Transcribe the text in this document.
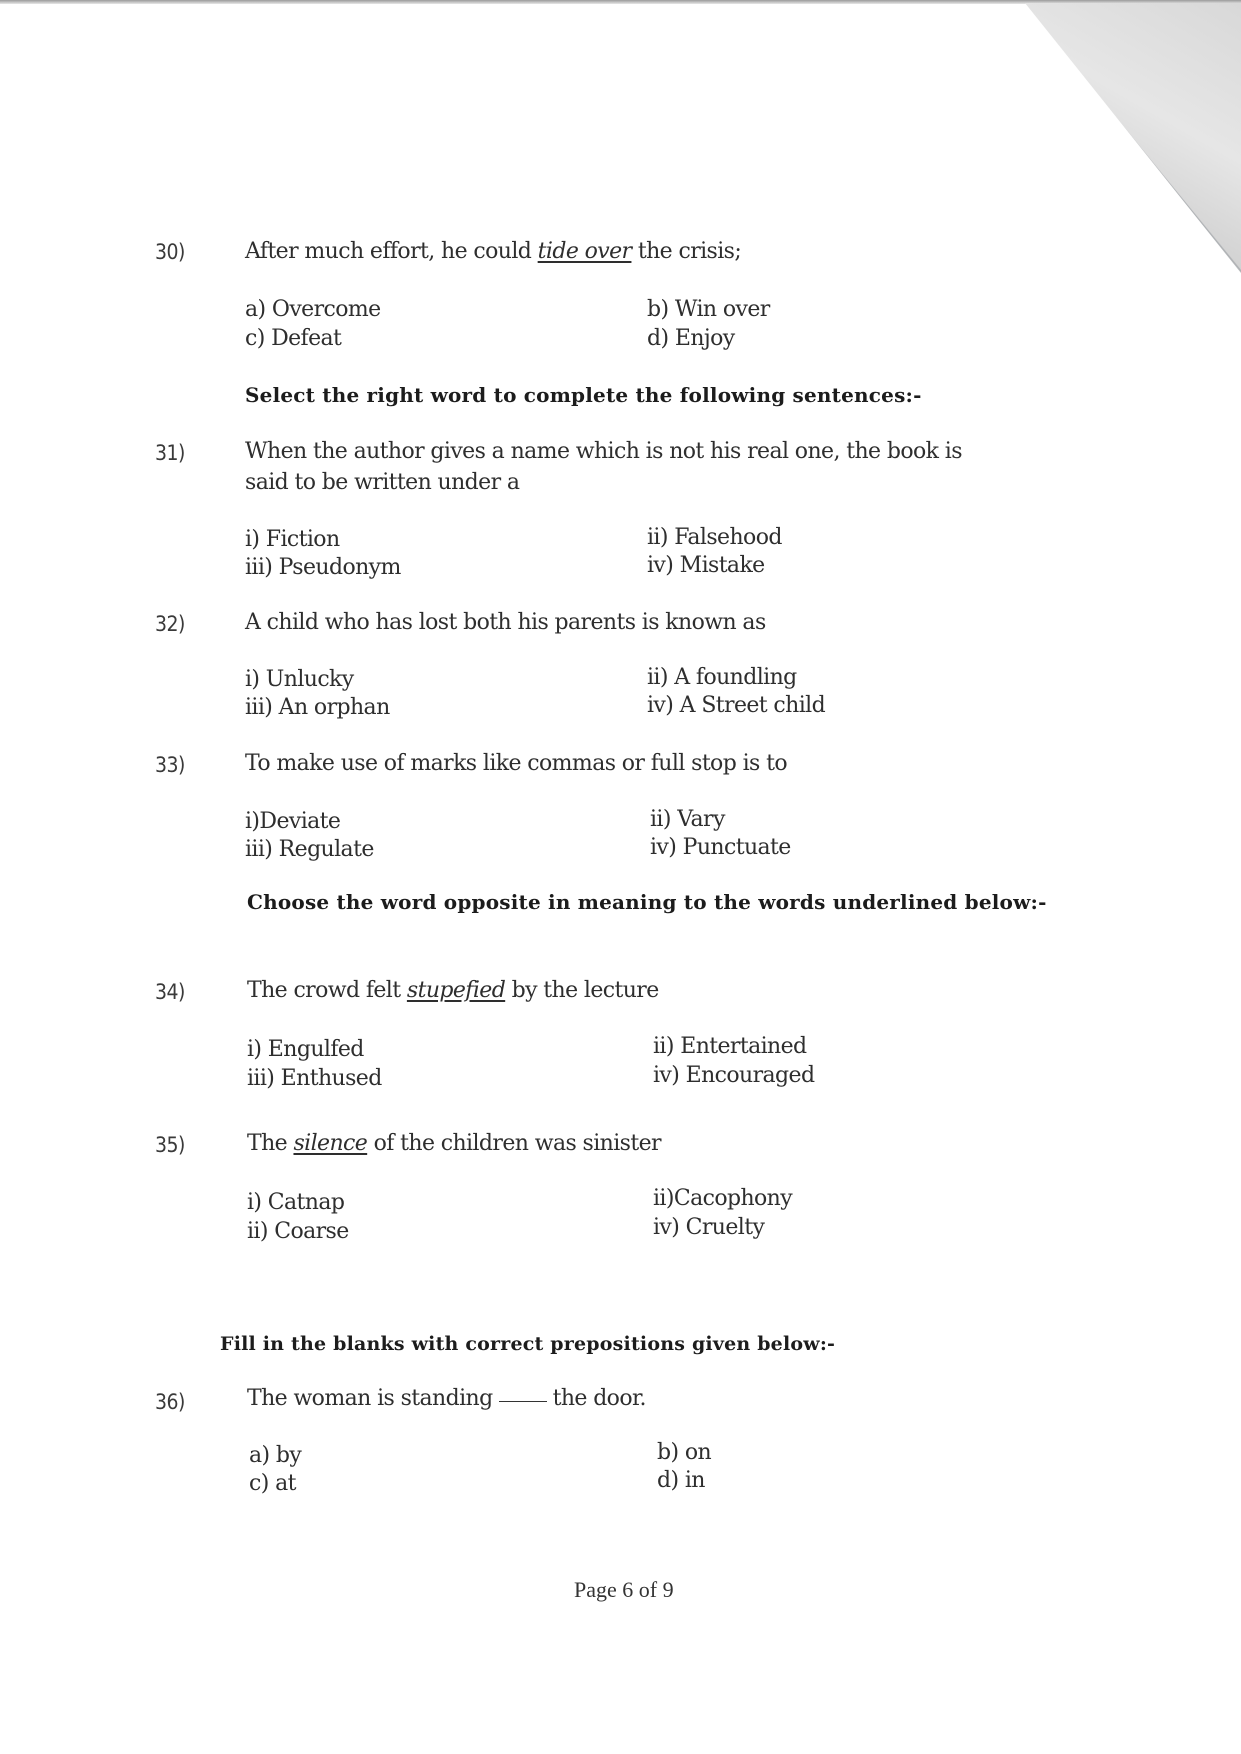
30)	After much effort, he could tide over the crisis;
a) Overcome	b) Win over
c) Defeat	d) Enjoy
Select the right word to complete the following sentences:-
31)	When the author gives a name which is not his real one, the book is
said to be written under a
i) Fiction	ii) Falsehood
iii) Pseudonym	iv) Mistake
32)	A child who has lost both his parents is known as
i) Unlucky	ii) A foundling
iii) An orphan	iv) A Street child
33)	To make use of marks like commas or full stop is to
i)Deviate	ii) Vary
iii) Regulate	iv) Punctuate
Choose the word opposite in meaning to the words underlined below:-
34)	The crowd felt stupefied by the lecture
i) Engulfed	ii) Entertained
iii) Enthused	iv) Encouraged
35)	The silence of the children was sinister
i) Catnap	ii)Cacophony
ii) Coarse	iv) Cruelty
Fill in the blanks with correct prepositions given below:-
36)	The woman is standing	the door.
a) by	b) on
c) at	d) in
Page 6 of 9
